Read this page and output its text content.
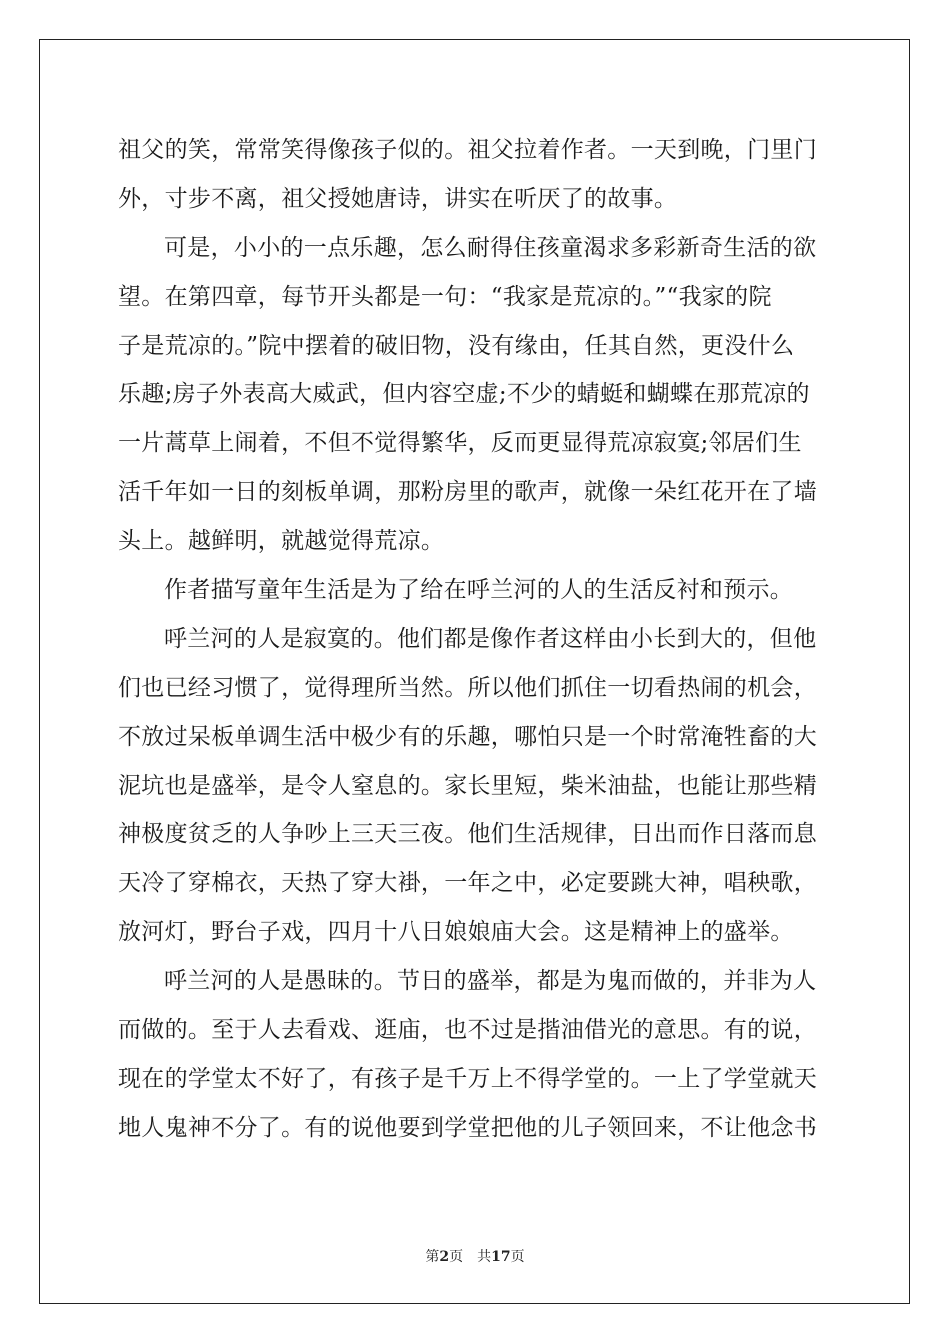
祖父的笑，常常笑得像孩子似的。祖父拉着作者。一天到晚，门里门
外，寸步不离，祖父授她唐诗，讲实在听厌了的故事。
可是，小小的一点乐趣，怎么耐得住孩童渴求多彩新奇生活的欲
望。在第四章，每节开头都是一句：“我家是荒凉的。”“我家的院
子是荒凉的。”院中摆着的破旧物，没有缘由，任其自然，更没什么
乐趣;房子外表高大威武，但内容空虚;不少的蜻蜓和蝴蝶在那荒凉的
一片蒿草上闹着，不但不觉得繁华，反而更显得荒凉寂寞;邻居们生
活千年如一日的刻板单调，那粉房里的歌声，就像一朵红花开在了墙
头上。越鲜明，就越觉得荒凉。
作者描写童年生活是为了给在呼兰河的人的生活反衬和预示。
呼兰河的人是寂寞的。他们都是像作者这样由小长到大的，但他
们也已经习惯了，觉得理所当然。所以他们抓住一切看热闹的机会，
不放过呆板单调生活中极少有的乐趣，哪怕只是一个时常淹牲畜的大
泥坑也是盛举，是令人窒息的。家长里短，柴米油盐，也能让那些精
神极度贫乏的人争吵上三天三夜。他们生活规律，日出而作日落而息
天冷了穿棉衣，天热了穿大褂，一年之中，必定要跳大神，唱秧歌，
放河灯，野台子戏，四月十八日娘娘庙大会。这是精神上的盛举。
呼兰河的人是愚昧的。节日的盛举，都是为鬼而做的，并非为人
而做的。至于人去看戏、逛庙，也不过是揩油借光的意思。有的说，
现在的学堂太不好了，有孩子是千万上不得学堂的。一上了学堂就天
地人鬼神不分了。有的说他要到学堂把他的儿子领回来，不让他念书
第2页 共17页
